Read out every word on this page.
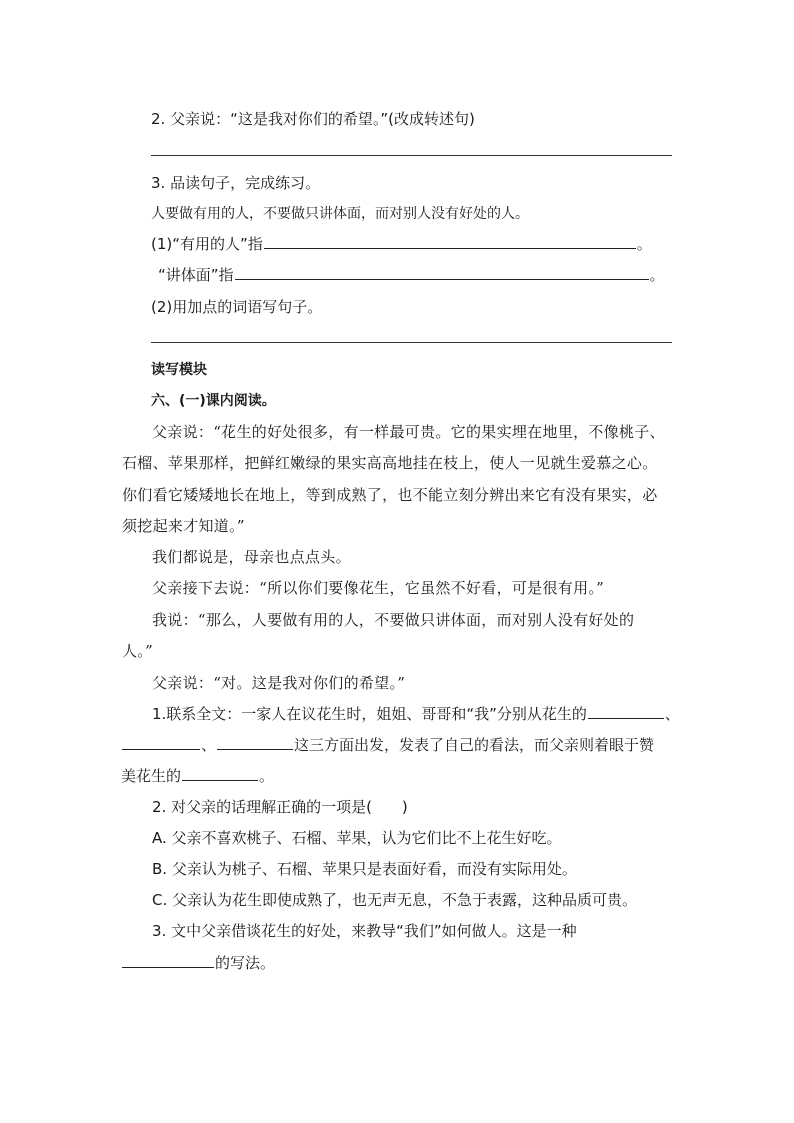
2. 父亲说：“这是我对你们的希望。”(改成转述句)
3. 品读句子，完成练习。
人要做有用的人，不要做只讲体面，而对别人没有好处的人。
(1)“有用的人”指	。
“讲体面”指	。
(2)用加点的词语写句子。
读写模块
六、(一)课内阅读。
父亲说：“花生的好处很多，有一样最可贵。它的果实埋在地里，不像桃子、
石榴、苹果那样，把鲜红嫩绿的果实高高地挂在枝上，使人一见就生爱慕之心。
你们看它矮矮地长在地上，等到成熟了，也不能立刻分辨出来它有没有果实，必
须挖起来才知道。”
我们都说是，母亲也点点头。
父亲接下去说：“所以你们要像花生，它虽然不好看，可是很有用。”
我说：“那么，人要做有用的人，不要做只讲体面，而对别人没有好处的
人。”
父亲说：“对。这是我对你们的希望。”
1.联系全文：一家人在议花生时，姐姐、哥哥和“我”分别从花生的	、
、	这三方面出发，发表了自己的看法，而父亲则着眼于赞
美花生的	。
2. 对父亲的话理解正确的一项是(　　)
A. 父亲不喜欢桃子、石榴、苹果，认为它们比不上花生好吃。
B. 父亲认为桃子、石榴、苹果只是表面好看，而没有实际用处。
C. 父亲认为花生即使成熟了，也无声无息，不急于表露，这种品质可贵。
3. 文中父亲借谈花生的好处，来教导“我们”如何做人。这是一种
的写法。
